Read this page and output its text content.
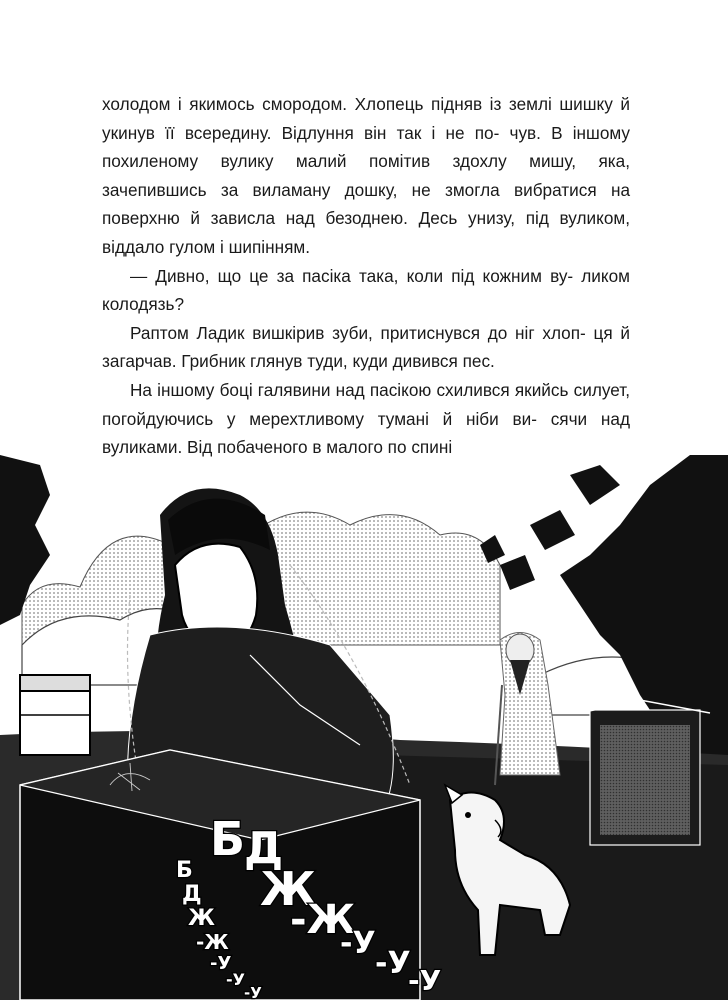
холодом і якимось смородом. Хлопець підняв із землі шишку й укинув її всередину. Відлуння він так і не по- чув. В іншому похиленому вулику малий помітив здохлу мишу, яка, зачепившись за виламану дошку, не змогла вибратися на поверхню й зависла над безоднею. Десь унизу, під вуликом, віддало гулом і шипінням.

— Дивно, що це за пасіка така, коли під кожним ву- ликом колодязь?

Раптом Ладик вишкірив зуби, притиснувся до ніг хлоп- ця й загарчав. Грибник глянув туди, куди дивився пес.

На іншому боці галявини над пасікою схилився якийсь силует, погойдуючись у мерехтливому тумані й ніби ви- сячи над вуликами. Від побаченого в малого по спині

Б
Д
Ж
-Ж
-У
-У
-У
Б
Д
Ж
-Ж
-У
-У
-У
